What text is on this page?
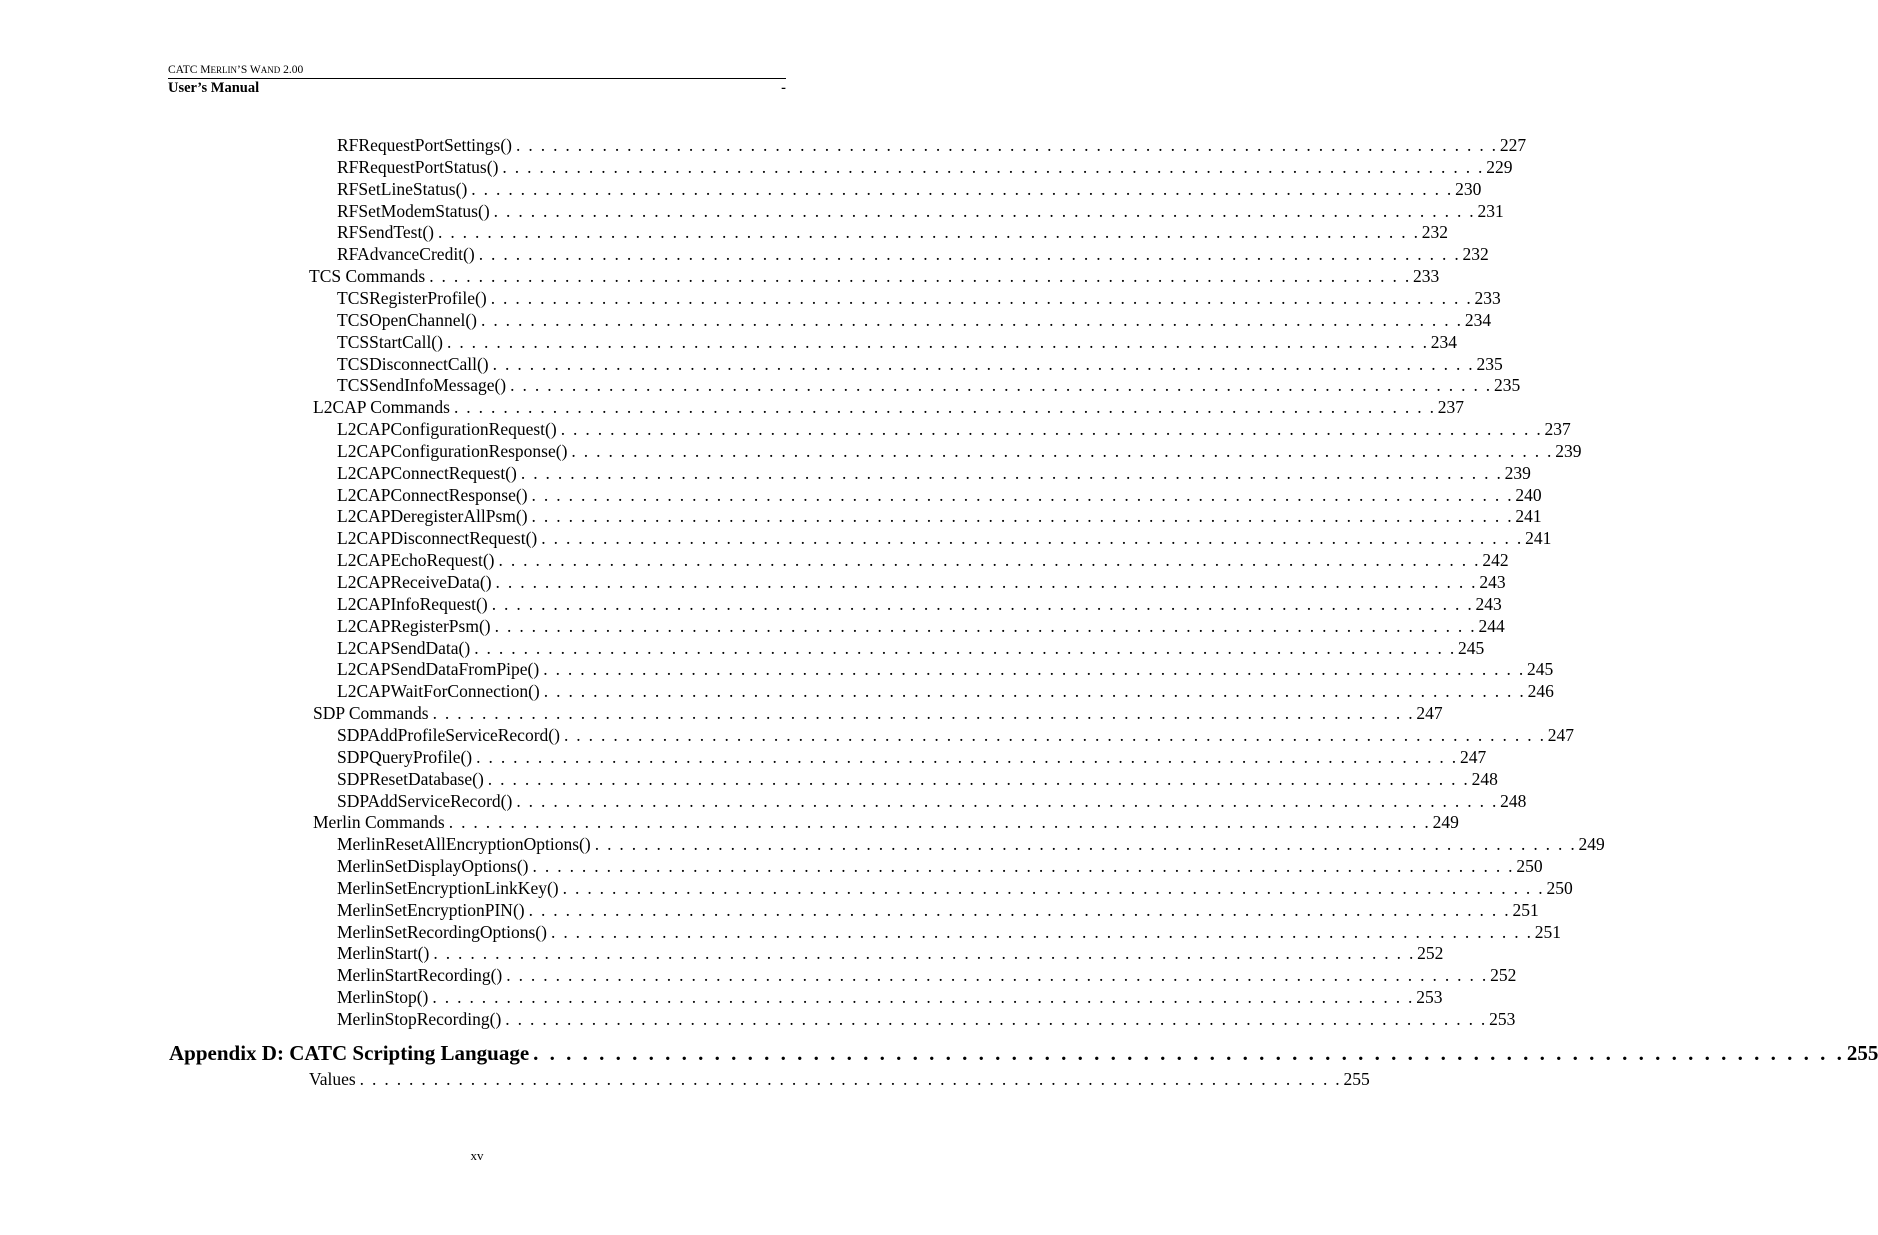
CATC MERLIN’S WAND 2.00
User’s Manual	-
RFRequestPortSettings() . . . . . . . . . . . . . . . . . . . . . . . . . . . . . . . . . . . . . . . . . . . . . . . . . . . . . . . . . . . . . . . . . . . . . . . . . . . . . . . . 227
RFRequestPortStatus() . . . . . . . . . . . . . . . . . . . . . . . . . . . . . . . . . . . . . . . . . . . . . . . . . . . . . . . . . . . . . . . . . . . . . . . . . . . . . . . . 229
RFSetLineStatus() . . . . . . . . . . . . . . . . . . . . . . . . . . . . . . . . . . . . . . . . . . . . . . . . . . . . . . . . . . . . . . . . . . . . . . . . . . . . . . . . 230
RFSetModemStatus() . . . . . . . . . . . . . . . . . . . . . . . . . . . . . . . . . . . . . . . . . . . . . . . . . . . . . . . . . . . . . . . . . . . . . . . . . . . . . . . . 231
RFSendTest() . . . . . . . . . . . . . . . . . . . . . . . . . . . . . . . . . . . . . . . . . . . . . . . . . . . . . . . . . . . . . . . . . . . . . . . . . . . . . . . . 232
RFAdvanceCredit() . . . . . . . . . . . . . . . . . . . . . . . . . . . . . . . . . . . . . . . . . . . . . . . . . . . . . . . . . . . . . . . . . . . . . . . . . . . . . . . . 232
TCS Commands . . . . . . . . . . . . . . . . . . . . . . . . . . . . . . . . . . . . . . . . . . . . . . . . . . . . . . . . . . . . . . . . . . . . . . . . . . . . . . . . 233
TCSRegisterProfile() . . . . . . . . . . . . . . . . . . . . . . . . . . . . . . . . . . . . . . . . . . . . . . . . . . . . . . . . . . . . . . . . . . . . . . . . . . . . . . . . 233
TCSOpenChannel() . . . . . . . . . . . . . . . . . . . . . . . . . . . . . . . . . . . . . . . . . . . . . . . . . . . . . . . . . . . . . . . . . . . . . . . . . . . . . . . . 234
TCSStartCall() . . . . . . . . . . . . . . . . . . . . . . . . . . . . . . . . . . . . . . . . . . . . . . . . . . . . . . . . . . . . . . . . . . . . . . . . . . . . . . . . 234
TCSDisconnectCall() . . . . . . . . . . . . . . . . . . . . . . . . . . . . . . . . . . . . . . . . . . . . . . . . . . . . . . . . . . . . . . . . . . . . . . . . . . . . . . . . 235
TCSSendInfoMessage() . . . . . . . . . . . . . . . . . . . . . . . . . . . . . . . . . . . . . . . . . . . . . . . . . . . . . . . . . . . . . . . . . . . . . . . . . . . . . . . . 235
L2CAP Commands . . . . . . . . . . . . . . . . . . . . . . . . . . . . . . . . . . . . . . . . . . . . . . . . . . . . . . . . . . . . . . . . . . . . . . . . . . . . . . . . 237
L2CAPConfigurationRequest() . . . . . . . . . . . . . . . . . . . . . . . . . . . . . . . . . . . . . . . . . . . . . . . . . . . . . . . . . . . . . . . . . . . . . . . . . . . . . . . . 237
L2CAPConfigurationResponse() . . . . . . . . . . . . . . . . . . . . . . . . . . . . . . . . . . . . . . . . . . . . . . . . . . . . . . . . . . . . . . . . . . . . . . . . . . . . . . . . 239
L2CAPConnectRequest() . . . . . . . . . . . . . . . . . . . . . . . . . . . . . . . . . . . . . . . . . . . . . . . . . . . . . . . . . . . . . . . . . . . . . . . . . . . . . . . . 239
L2CAPConnectResponse() . . . . . . . . . . . . . . . . . . . . . . . . . . . . . . . . . . . . . . . . . . . . . . . . . . . . . . . . . . . . . . . . . . . . . . . . . . . . . . . . 240
L2CAPDeregisterAllPsm() . . . . . . . . . . . . . . . . . . . . . . . . . . . . . . . . . . . . . . . . . . . . . . . . . . . . . . . . . . . . . . . . . . . . . . . . . . . . . . . . 241
L2CAPDisconnectRequest() . . . . . . . . . . . . . . . . . . . . . . . . . . . . . . . . . . . . . . . . . . . . . . . . . . . . . . . . . . . . . . . . . . . . . . . . . . . . . . . . 241
L2CAPEchoRequest() . . . . . . . . . . . . . . . . . . . . . . . . . . . . . . . . . . . . . . . . . . . . . . . . . . . . . . . . . . . . . . . . . . . . . . . . . . . . . . . . 242
L2CAPReceiveData() . . . . . . . . . . . . . . . . . . . . . . . . . . . . . . . . . . . . . . . . . . . . . . . . . . . . . . . . . . . . . . . . . . . . . . . . . . . . . . . . 243
L2CAPInfoRequest() . . . . . . . . . . . . . . . . . . . . . . . . . . . . . . . . . . . . . . . . . . . . . . . . . . . . . . . . . . . . . . . . . . . . . . . . . . . . . . . . 243
L2CAPRegisterPsm() . . . . . . . . . . . . . . . . . . . . . . . . . . . . . . . . . . . . . . . . . . . . . . . . . . . . . . . . . . . . . . . . . . . . . . . . . . . . . . . . 244
L2CAPSendData() . . . . . . . . . . . . . . . . . . . . . . . . . . . . . . . . . . . . . . . . . . . . . . . . . . . . . . . . . . . . . . . . . . . . . . . . . . . . . . . . 245
L2CAPSendDataFromPipe() . . . . . . . . . . . . . . . . . . . . . . . . . . . . . . . . . . . . . . . . . . . . . . . . . . . . . . . . . . . . . . . . . . . . . . . . . . . . . . . . 245
L2CAPWaitForConnection() . . . . . . . . . . . . . . . . . . . . . . . . . . . . . . . . . . . . . . . . . . . . . . . . . . . . . . . . . . . . . . . . . . . . . . . . . . . . . . . . 246
SDP Commands . . . . . . . . . . . . . . . . . . . . . . . . . . . . . . . . . . . . . . . . . . . . . . . . . . . . . . . . . . . . . . . . . . . . . . . . . . . . . . . . 247
SDPAddProfileServiceRecord() . . . . . . . . . . . . . . . . . . . . . . . . . . . . . . . . . . . . . . . . . . . . . . . . . . . . . . . . . . . . . . . . . . . . . . . . . . . . . . . . 247
SDPQueryProfile() . . . . . . . . . . . . . . . . . . . . . . . . . . . . . . . . . . . . . . . . . . . . . . . . . . . . . . . . . . . . . . . . . . . . . . . . . . . . . . . . 247
SDPResetDatabase() . . . . . . . . . . . . . . . . . . . . . . . . . . . . . . . . . . . . . . . . . . . . . . . . . . . . . . . . . . . . . . . . . . . . . . . . . . . . . . . . 248
SDPAddServiceRecord() . . . . . . . . . . . . . . . . . . . . . . . . . . . . . . . . . . . . . . . . . . . . . . . . . . . . . . . . . . . . . . . . . . . . . . . . . . . . . . . . 248
Merlin Commands . . . . . . . . . . . . . . . . . . . . . . . . . . . . . . . . . . . . . . . . . . . . . . . . . . . . . . . . . . . . . . . . . . . . . . . . . . . . . . . . 249
MerlinResetAllEncryptionOptions() . . . . . . . . . . . . . . . . . . . . . . . . . . . . . . . . . . . . . . . . . . . . . . . . . . . . . . . . . . . . . . . . . . . . . . . . . . . . . . . . 249
MerlinSetDisplayOptions() . . . . . . . . . . . . . . . . . . . . . . . . . . . . . . . . . . . . . . . . . . . . . . . . . . . . . . . . . . . . . . . . . . . . . . . . . . . . . . . . 250
MerlinSetEncryptionLinkKey() . . . . . . . . . . . . . . . . . . . . . . . . . . . . . . . . . . . . . . . . . . . . . . . . . . . . . . . . . . . . . . . . . . . . . . . . . . . . . . . . 250
MerlinSetEncryptionPIN() . . . . . . . . . . . . . . . . . . . . . . . . . . . . . . . . . . . . . . . . . . . . . . . . . . . . . . . . . . . . . . . . . . . . . . . . . . . . . . . . 251
MerlinSetRecordingOptions() . . . . . . . . . . . . . . . . . . . . . . . . . . . . . . . . . . . . . . . . . . . . . . . . . . . . . . . . . . . . . . . . . . . . . . . . . . . . . . . . 251
MerlinStart() . . . . . . . . . . . . . . . . . . . . . . . . . . . . . . . . . . . . . . . . . . . . . . . . . . . . . . . . . . . . . . . . . . . . . . . . . . . . . . . . 252
MerlinStartRecording() . . . . . . . . . . . . . . . . . . . . . . . . . . . . . . . . . . . . . . . . . . . . . . . . . . . . . . . . . . . . . . . . . . . . . . . . . . . . . . . . 252
MerlinStop() . . . . . . . . . . . . . . . . . . . . . . . . . . . . . . . . . . . . . . . . . . . . . . . . . . . . . . . . . . . . . . . . . . . . . . . . . . . . . . . . 253
MerlinStopRecording() . . . . . . . . . . . . . . . . . . . . . . . . . . . . . . . . . . . . . . . . . . . . . . . . . . . . . . . . . . . . . . . . . . . . . . . . . . . . . . . . 253
Appendix D: CATC Scripting Language . . . . . . . . . . . . . . . . . . . . . . . . . . . . . . . . . . . . . . . . . . . . . . . . . . . . . . . . . . . . . . . . . . . . . . . . . . . . . . . . 255
Values . . . . . . . . . . . . . . . . . . . . . . . . . . . . . . . . . . . . . . . . . . . . . . . . . . . . . . . . . . . . . . . . . . . . . . . . . . . . . . . . 255
xv
